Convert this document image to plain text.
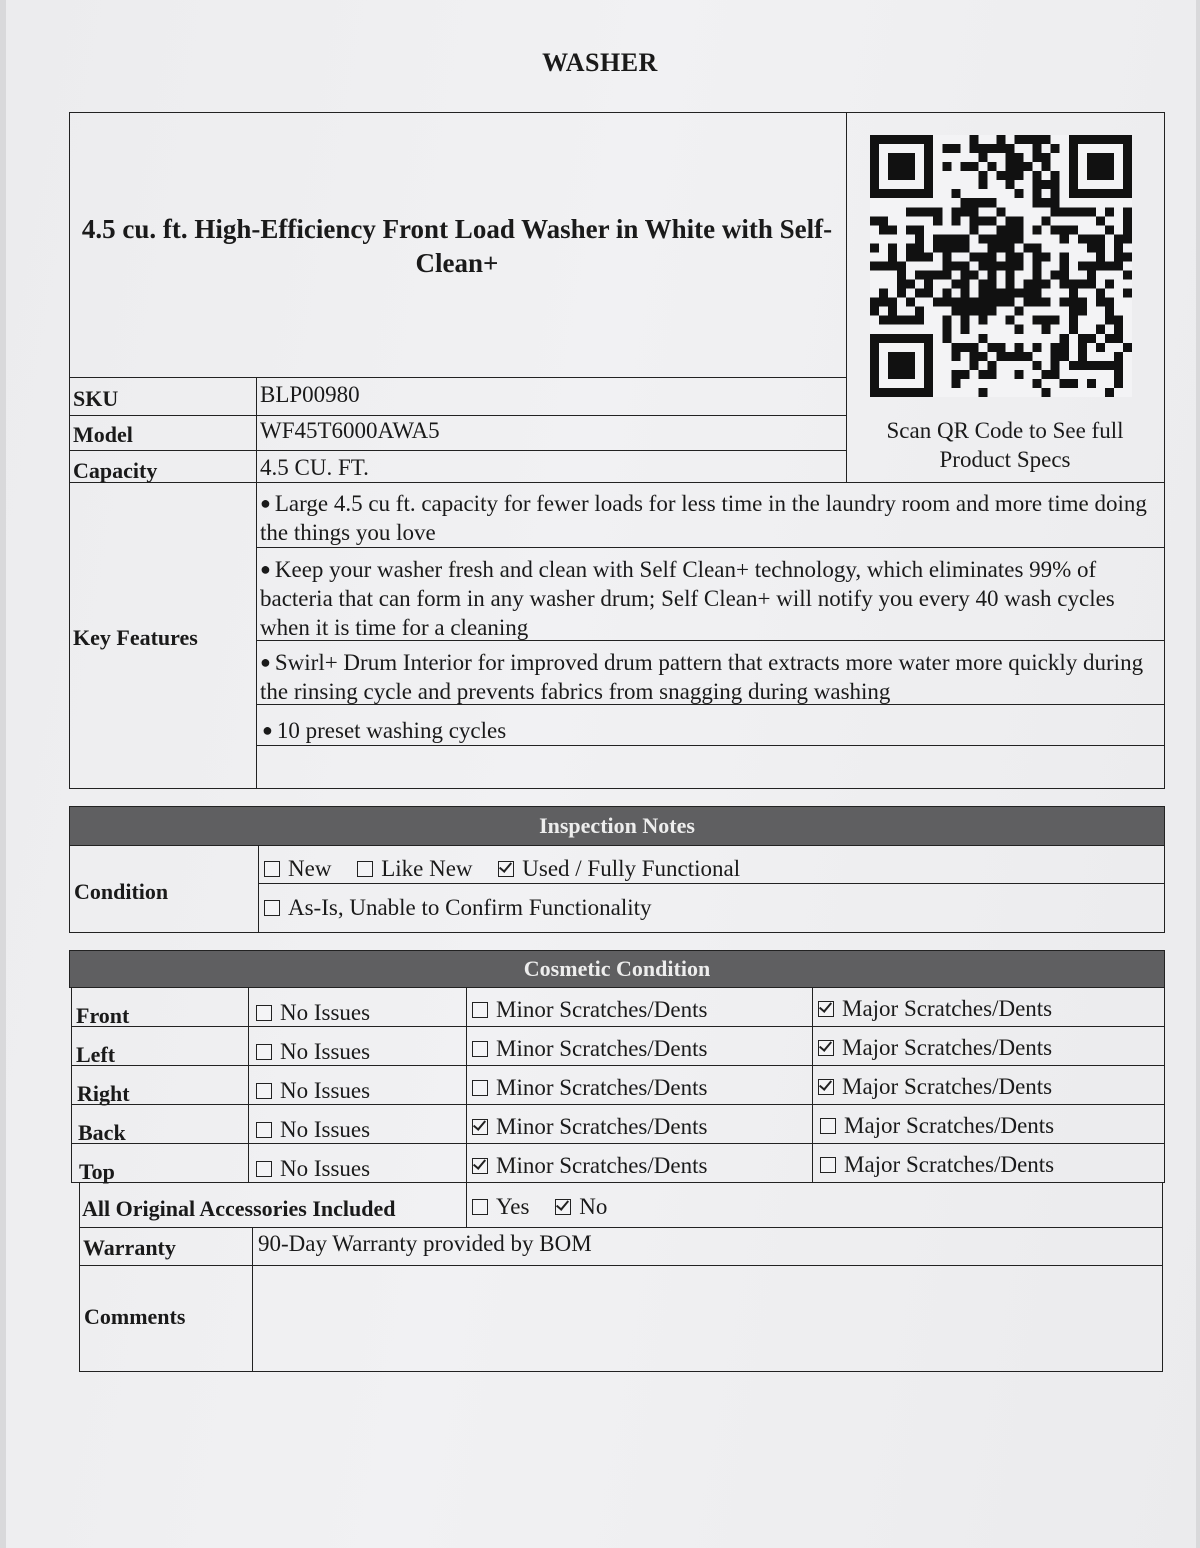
WASHER
4.5 cu. ft. High-Efficiency Front Load Washer in White with Self-Clean+
Scan QR Code to See full Product Specs
SKU	BLP00980
Model	WF45T6000AWA5
Capacity	4.5 CU. FT.
Key Features
● Large 4.5 cu ft. capacity for fewer loads for less time in the laundry room and more time doing the things you love
● Keep your washer fresh and clean with Self Clean+ technology, which eliminates 99% of bacteria that can form in any washer drum; Self Clean+ will notify you every 40 wash cycles when it is time for a cleaning
● Swirl+ Drum Interior for improved drum pattern that extracts more water more quickly during the rinsing cycle and prevents fabrics from snagging during washing
● 10 preset washing cycles
Inspection Notes
Condition
New Like New Used / Fully Functional
As-Is, Unable to Confirm Functionality
Cosmetic Condition
Front	No Issues	Minor Scratches/Dents	Major Scratches/Dents
Left	No Issues	Minor Scratches/Dents	Major Scratches/Dents
Right	No Issues	Minor Scratches/Dents	Major Scratches/Dents
Back	No Issues	Minor Scratches/Dents	Major Scratches/Dents
Top	No Issues	Minor Scratches/Dents	Major Scratches/Dents
All Original Accessories Included	Yes No
Warranty	90-Day Warranty provided by BOM
Comments
